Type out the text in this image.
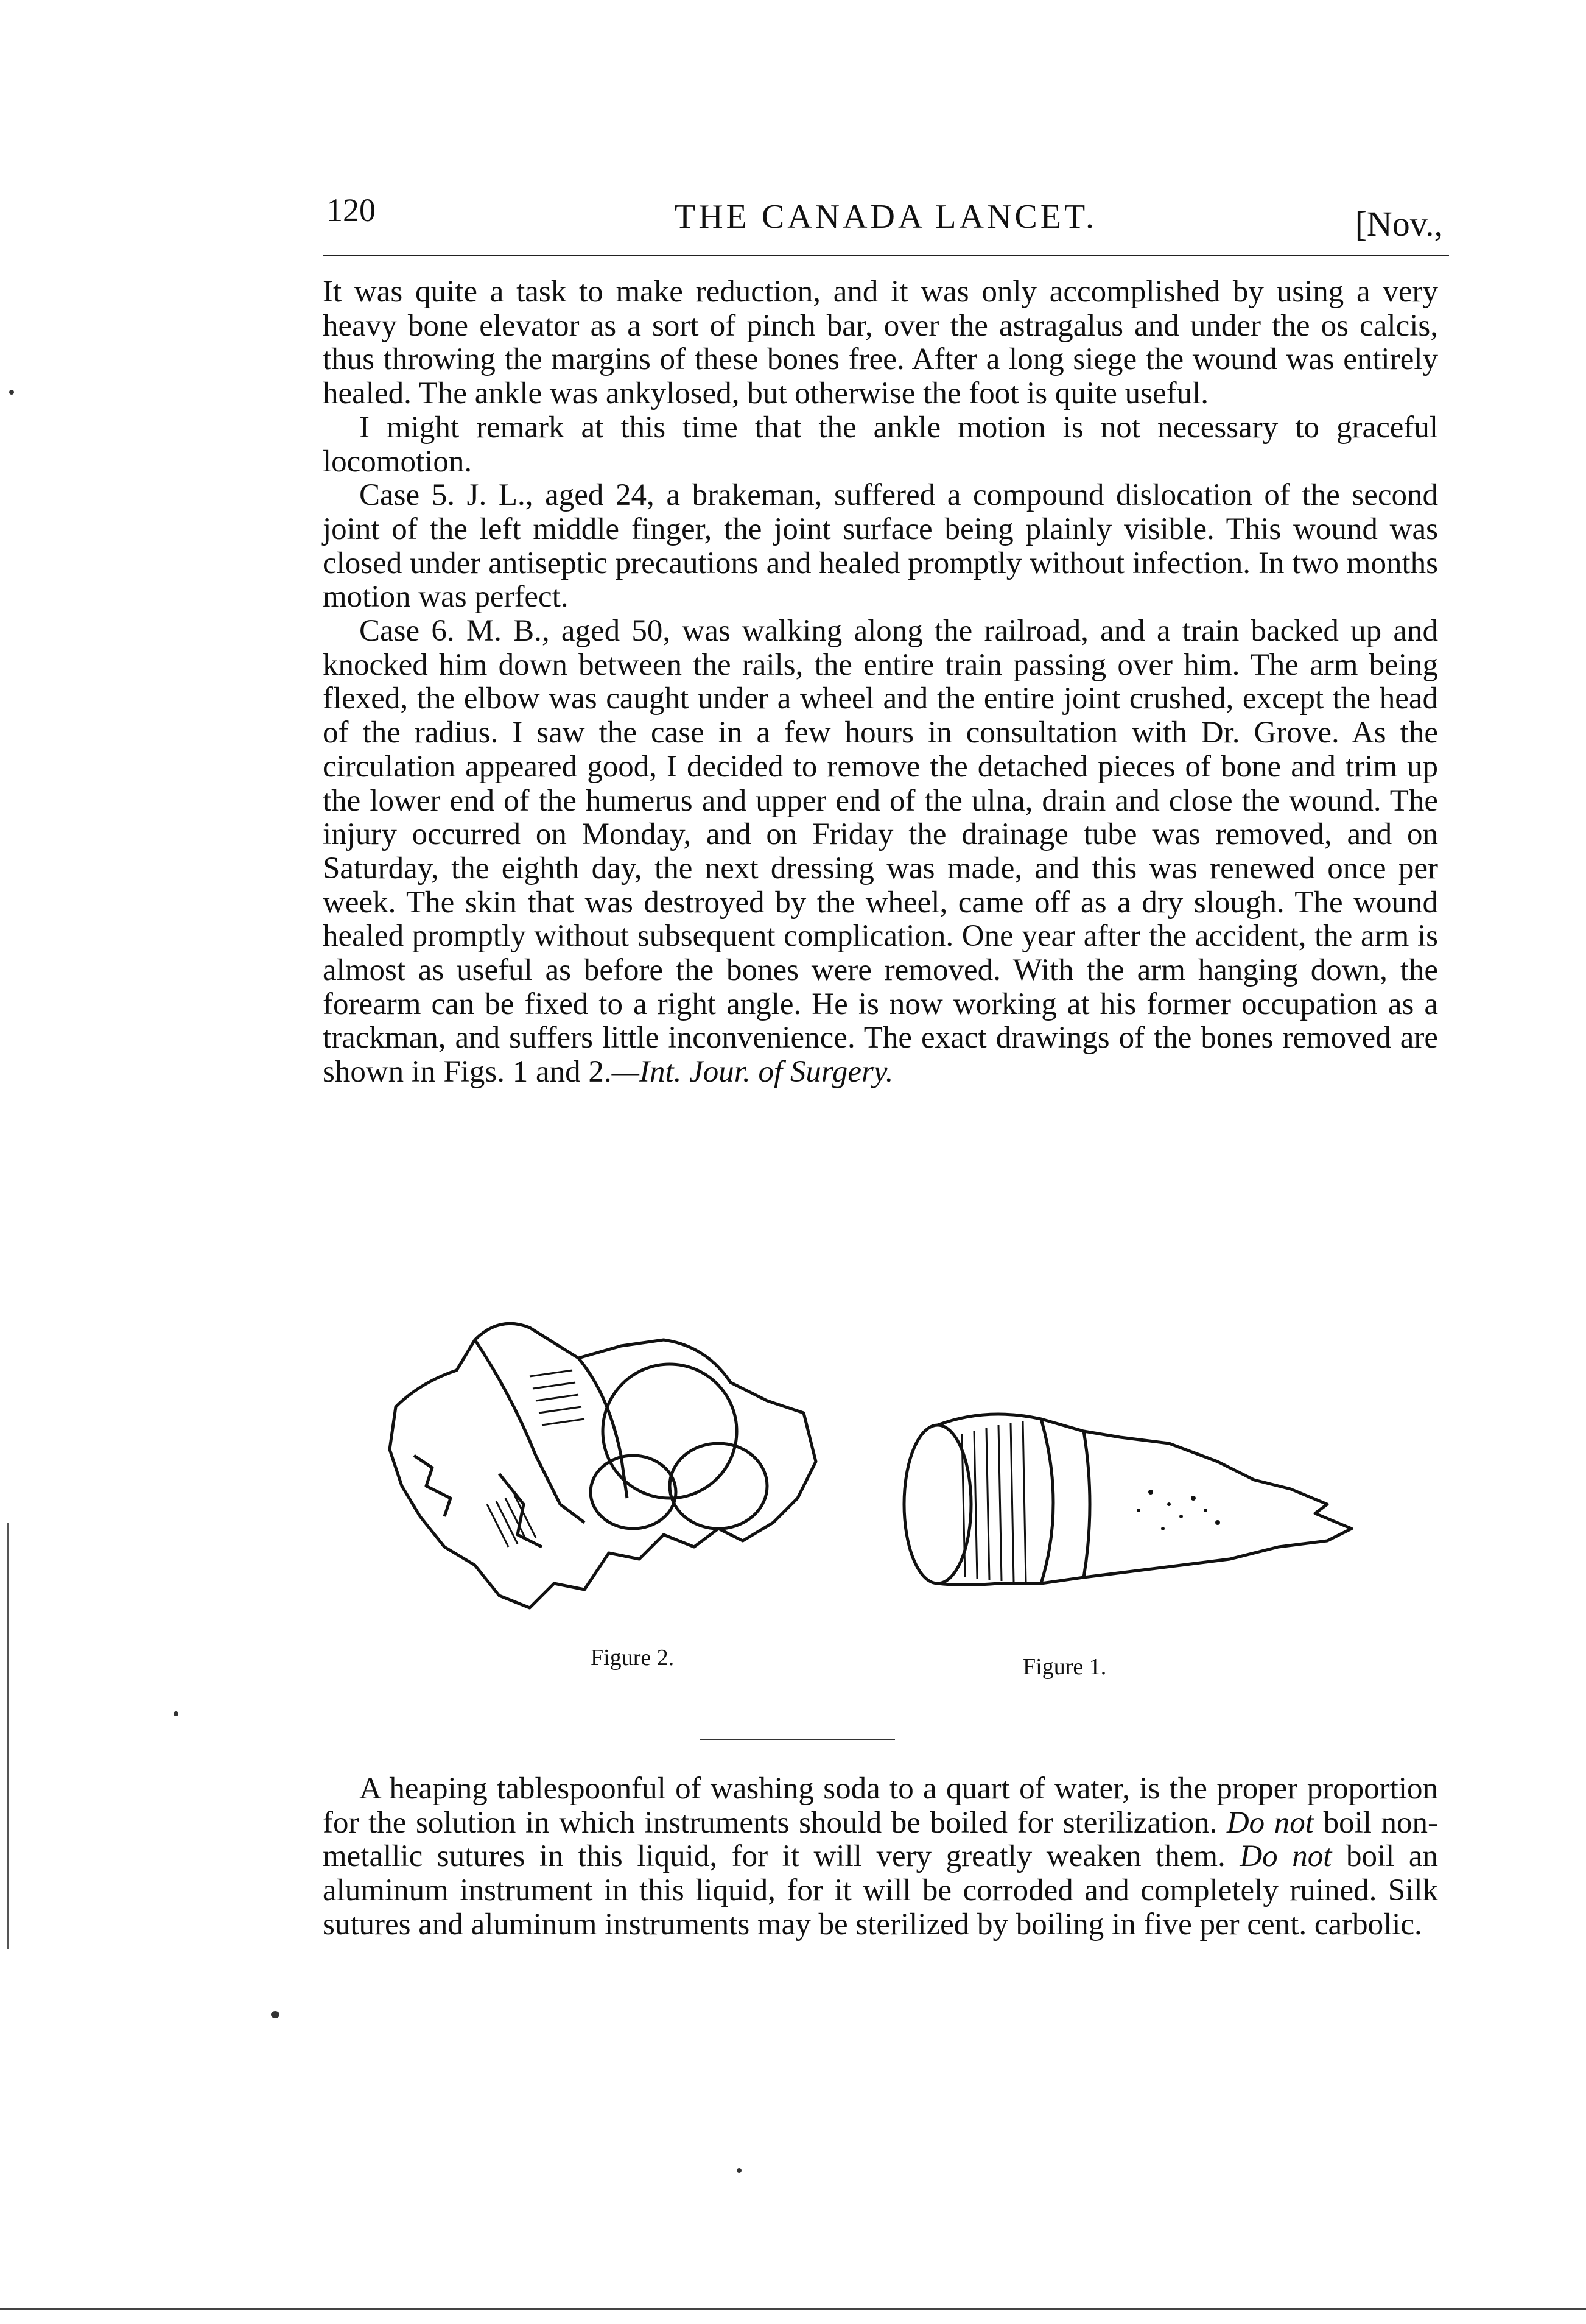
120	THE CANADA LANCET.	[Nov.,

It was quite a task to make reduction, and it was only accomplished by using a very heavy bone elevator as a sort of pinch bar, over the astragalus and under the os calcis, thus throwing the margins of these bones free. After a long siege the wound was entirely healed. The ankle was ankylosed, but otherwise the foot is quite useful.

I might remark at this time that the ankle motion is not necessary to graceful locomotion.

Case 5. J. L., aged 24, a brakeman, suffered a compound dislocation of the second joint of the left middle finger, the joint surface being plainly visible. This wound was closed under antiseptic precautions and healed promptly without infection. In two months motion was perfect.

Case 6. M. B., aged 50, was walking along the railroad, and a train backed up and knocked him down between the rails, the entire train passing over him. The arm being flexed, the elbow was caught under a wheel and the entire joint crushed, except the head of the radius. I saw the case in a few hours in consultation with Dr. Grove. As the circulation appeared good, I decided to remove the detached pieces of bone and trim up the lower end of the humerus and upper end of the ulna, drain and close the wound. The injury occurred on Monday, and on Friday the drainage tube was removed, and on Saturday, the eighth day, the next dressing was made, and this was renewed once per week. The skin that was destroyed by the wheel, came off as a dry slough. The wound healed promptly without subsequent complication. One year after the accident, the arm is almost as useful as before the bones were removed. With the arm hanging down, the forearm can be fixed to a right angle. He is now working at his former occupation as a trackman, and suffers little inconvenience. The exact drawings of the bones removed are shown in Figs. 1 and 2.—Int. Jour. of Surgery.

Figure 2.	Figure 1.

A heaping tablespoonful of washing soda to a quart of water, is the proper proportion for the solution in which instruments should be boiled for sterilization. Do not boil non-metallic sutures in this liquid, for it will very greatly weaken them. Do not boil an aluminum instrument in this liquid, for it will be corroded and completely ruined. Silk sutures and aluminum instruments may be sterilized by boiling in five per cent. carbolic.
